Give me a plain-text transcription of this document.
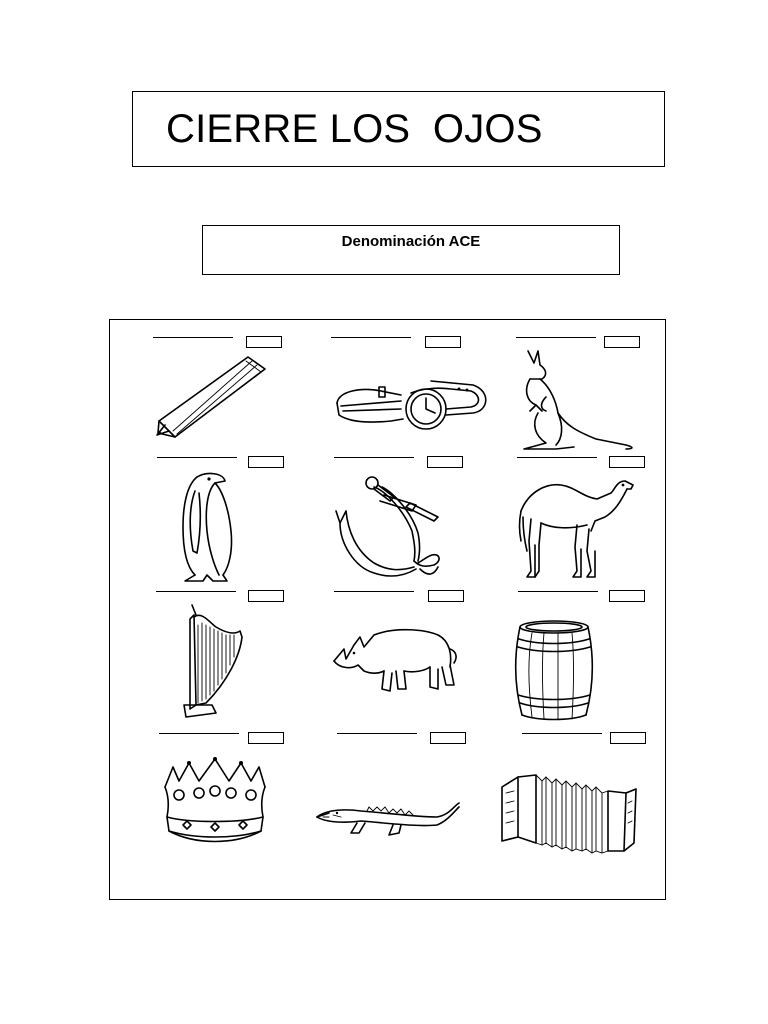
CIERRE LOS  OJOS
Denominación ACE
